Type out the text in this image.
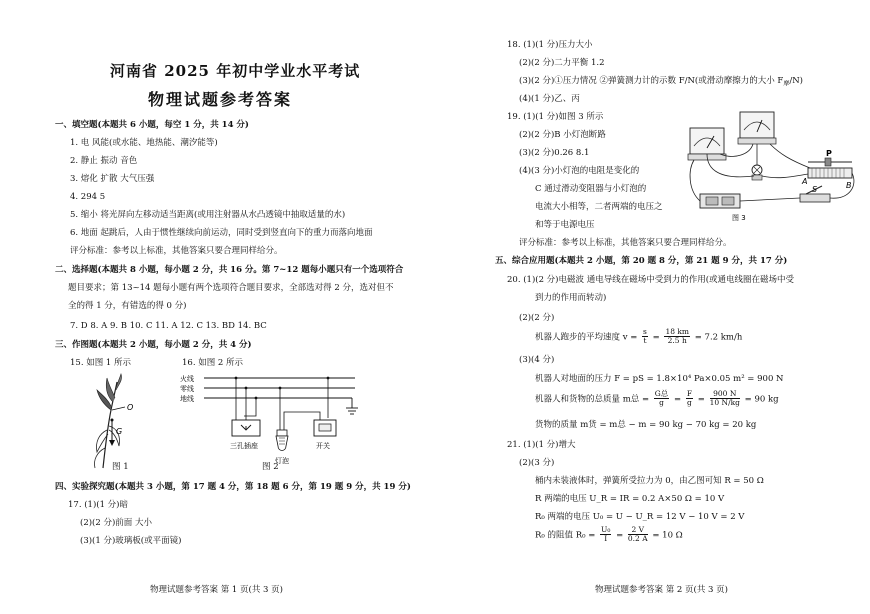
河南省 2025 年初中学业水平考试
物理试题参考答案
一、填空题(本题共 6 小题，每空 1 分，共 14 分)
1. 电 风能(或水能、地热能、潮汐能等)
2. 静止 振动 音色
3. 熔化 扩散 大气压强
4. 294 5
5. 缩小 将光屏向左移动适当距离(或用注射器从水凸透镜中抽取适量的水)
6. 地面 起跳后，人由于惯性继续向前运动，同时受到竖直向下的重力而落向地面
评分标准：参考以上标准，其他答案只要合理同样给分。
二、选择题(本题共 8 小题，每小题 2 分，共 16 分。第 7~12 题每小题只有一个选项符合
题目要求；第 13~14 题每小题有两个选项符合题目要求，全部选对得 2 分，选对但不
全的得 1 分，有错选的得 0 分)
7. D 8. A 9. B 10. C 11. A 12. C 13. BD 14. BC
三、作图题(本题共 2 小题，每小题 2 分，共 4 分)
15. 如图 1 所示	16. 如图 2 所示
O
G
图 1
火线
零线
地线
三孔插座
灯泡
开关
图 2
四、实验探究题(本题共 3 小题，第 17 题 4 分，第 18 题 6 分，第 19 题 9 分，共 19 分)
17. (1)(1 分)暗
(2)(2 分)前面 大小
(3)(1 分)玻璃板(或平面镜)
物理试题参考答案 第 1 页(共 3 页)
18. (1)(1 分)压力大小
(2)(2 分)二力平衡 1.2
(3)(2 分)①压力情况 ②弹簧测力计的示数 F/N(或滑动摩擦力的大小 $F_摩/N$)
(4)(1 分)乙、丙
19. (1)(1 分)如图 3 所示
(2)(2 分)B 小灯泡断路
(3)(2 分)0.26 8.1
(4)(3 分)小灯泡的电阻是变化的
C 通过滑动变阻器与小灯泡的
电流大小相等，二者两端的电压之
和等于电源电压
P
A	B
S
图 3
评分标准：参考以上标准，其他答案只要合理同样给分。
五、综合应用题(本题共 2 小题，第 20 题 8 分，第 21 题 9 分，共 17 分)
20. (1)(2 分)电磁波 通电导线在磁场中受到力的作用(或通电线圈在磁场中受
到力的作用而转动)
(2)(2 分)
机器人跑步的平均速度 $v = \frac{s}{t} = \frac{18 km}{2.5 h} = 7.2$ km/h
(3)(4 分)
机器人对地面的压力 F = pS = 1.8×10⁴ Pa×0.05 m² = 900 N
机器人和货物的总质量 m总 = $\frac{\text{G总}}{g} = \frac{F}{g} = \frac{900 N}{10 N/kg} = 90$ kg
货物的质量 m货 = m总 − m = 90 kg − 70 kg = 20 kg
21. (1)(1 分)增大
(2)(3 分)
桶内未装液体时，弹簧所受拉力为 0，由乙图可知 R = 50 Ω
R 两端的电压 U_R = IR = 0.2 A×50 Ω = 10 V
R₀ 两端的电压 U₀ = U − U_R = 12 V − 10 V = 2 V
R₀ 的阻值 $R_0 = \frac{\text{U₀}}{I} = \frac{2 V}{0.2 A} = 10$ Ω
物理试题参考答案 第 2 页(共 3 页)
